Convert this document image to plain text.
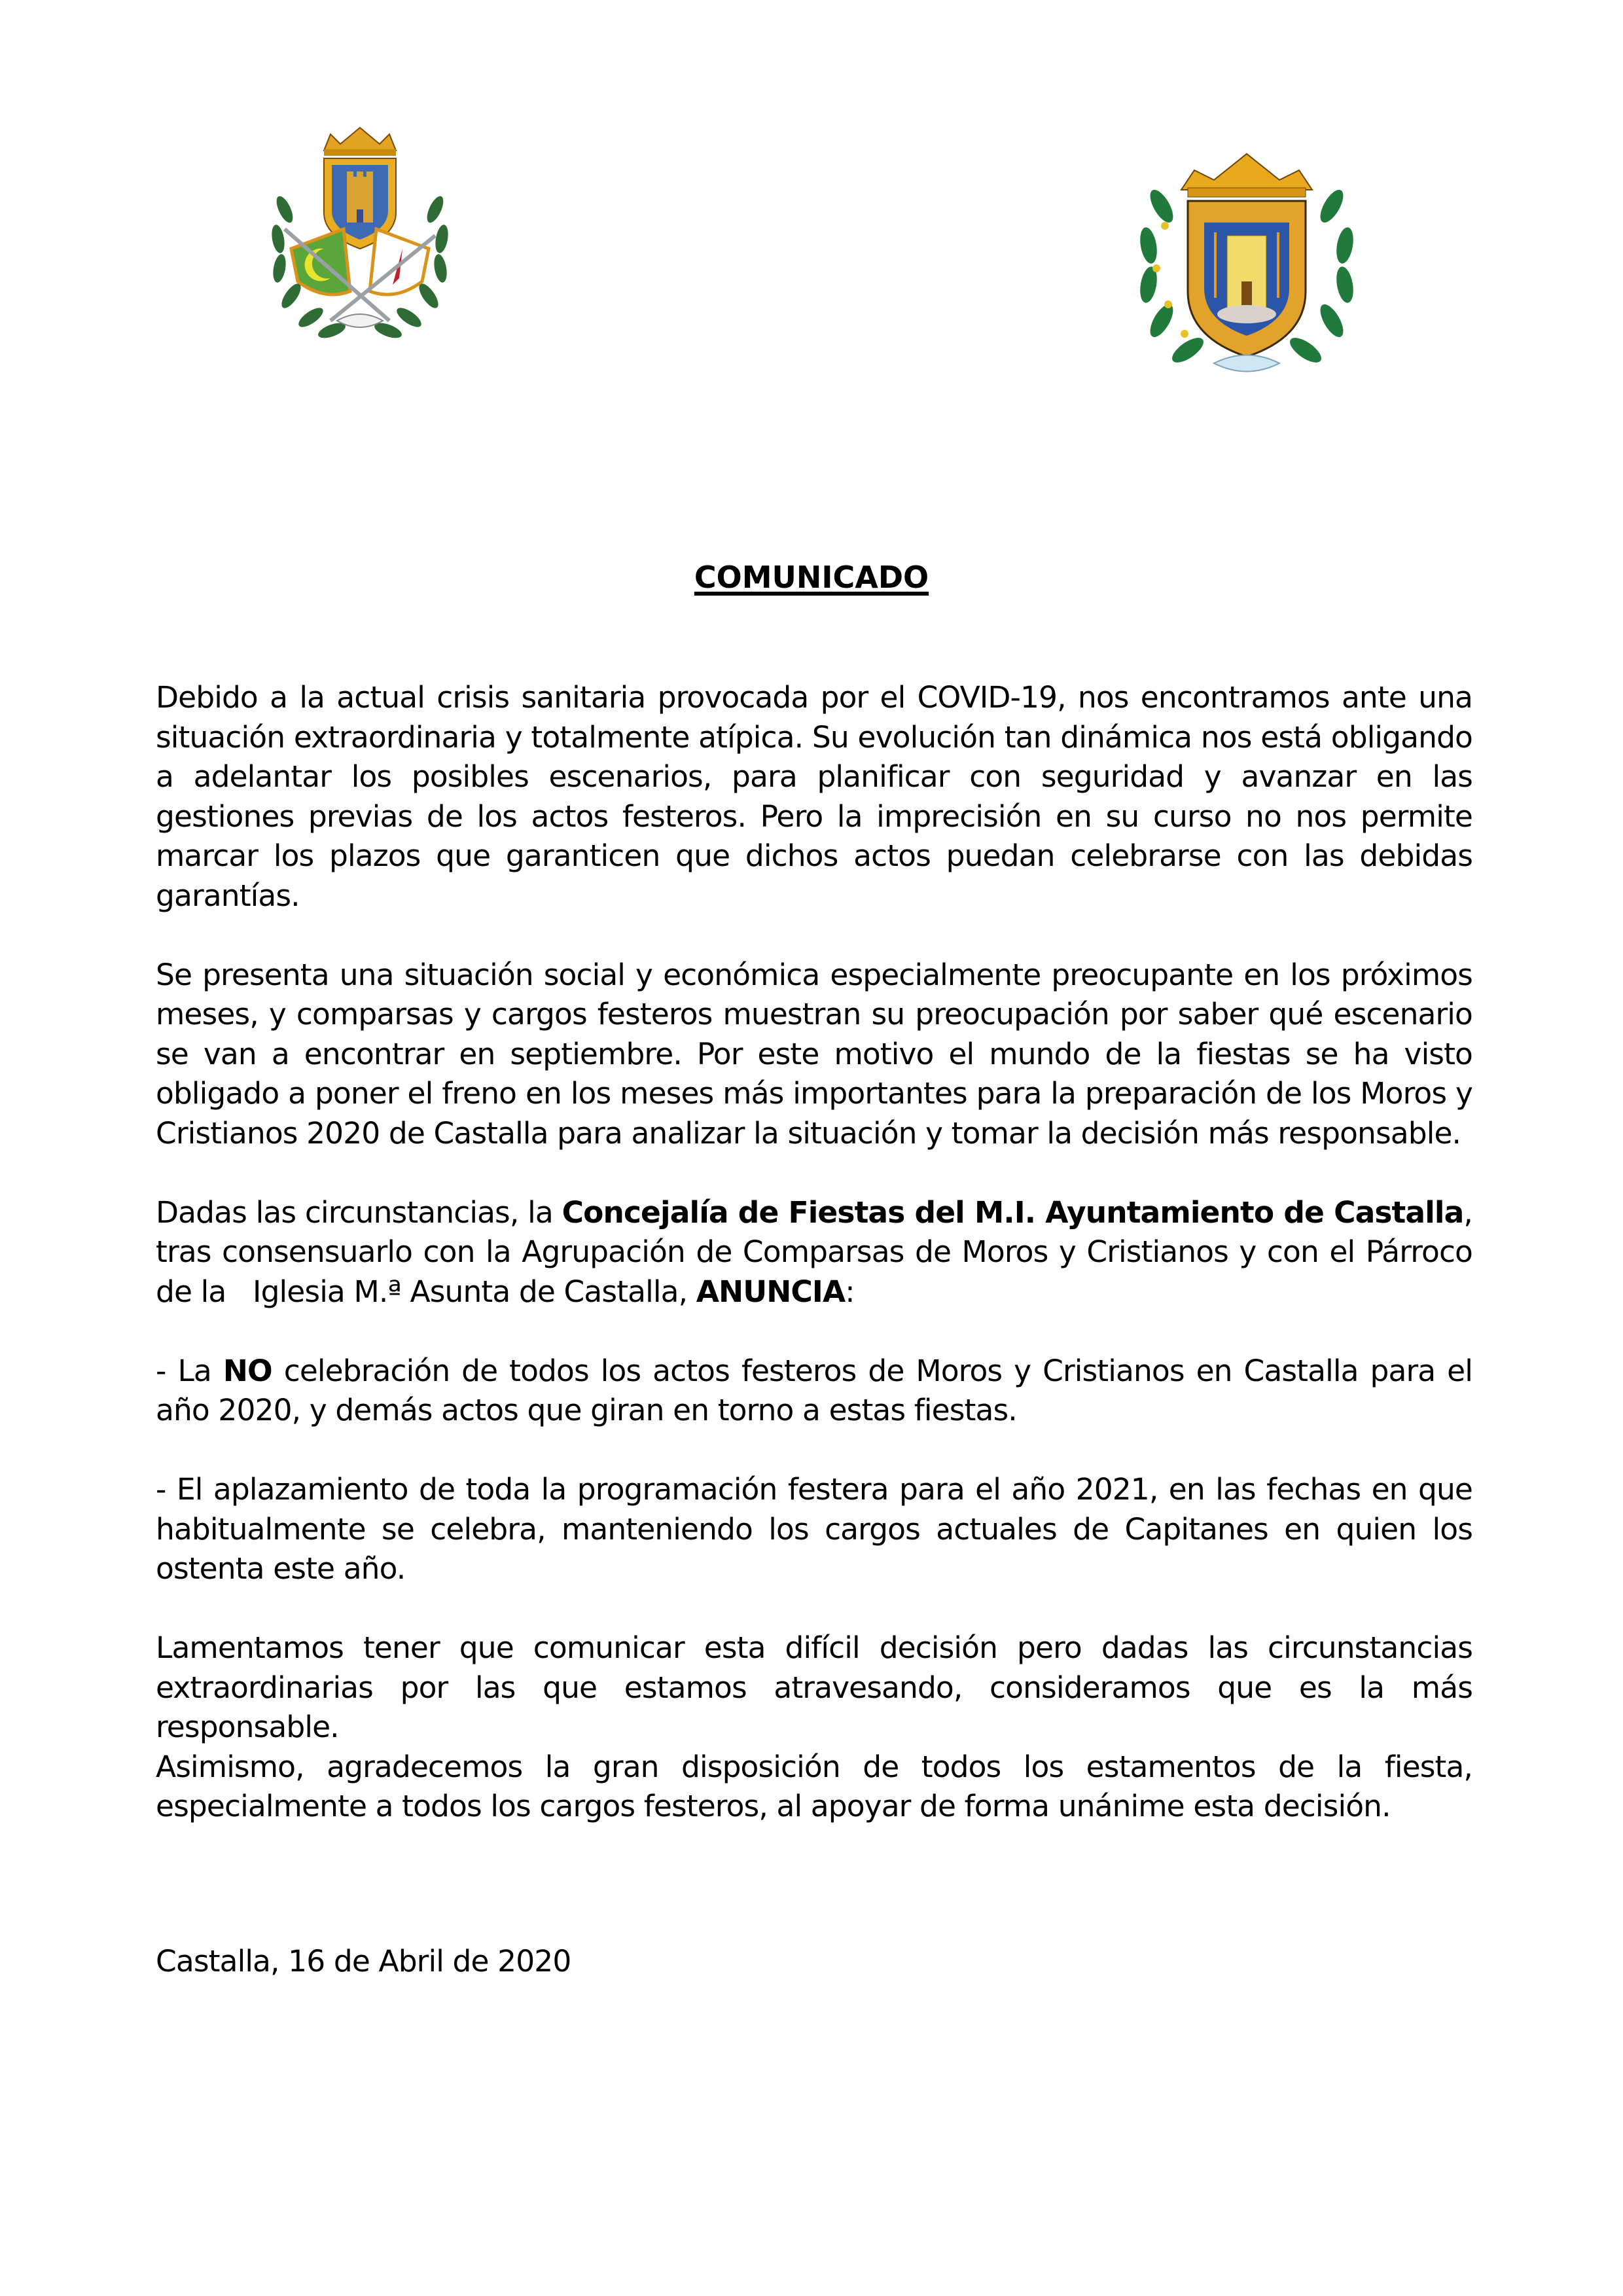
COMUNICADO

Debido a la actual crisis sanitaria provocada por el COVID-19, nos encontramos ante una situación extraordinaria y totalmente atípica. Su evolución tan dinámica nos está obligando a adelantar los posibles escenarios, para planificar con seguridad y avanzar en las gestiones previas de los actos festeros. Pero la imprecisión en su curso no nos permite marcar los plazos que garanticen que dichos actos puedan celebrarse con las debidas garantías.

Se presenta una situación social y económica especialmente preocupante en los próximos meses, y comparsas y cargos festeros muestran su preocupación por saber qué escenario se van a encontrar en septiembre. Por este motivo el mundo de la fiestas se ha visto obligado a poner el freno en los meses más importantes para la preparación de los Moros y Cristianos 2020 de Castalla para analizar la situación y tomar la decisión más responsable.

Dadas las circunstancias, la Concejalía de Fiestas del M.I. Ayuntamiento de Castalla, tras consensuarlo con la Agrupación de Comparsas de Moros y Cristianos y con el Párroco de la   Iglesia M.ª Asunta de Castalla, ANUNCIA:

- La NO celebración de todos los actos festeros de Moros y Cristianos en Castalla para el año 2020, y demás actos que giran en torno a estas fiestas.

- El aplazamiento de toda la programación festera para el año 2021, en las fechas en que habitualmente se celebra, manteniendo los cargos actuales de Capitanes en quien los ostenta este año.

Lamentamos tener que comunicar esta difícil decisión pero dadas las circunstancias extraordinarias por las que estamos atravesando, consideramos que es la más responsable.

Asimismo, agradecemos la gran disposición de todos los estamentos de la fiesta, especialmente a todos los cargos festeros, al apoyar de forma unánime esta decisión.

Castalla, 16 de Abril de 2020
